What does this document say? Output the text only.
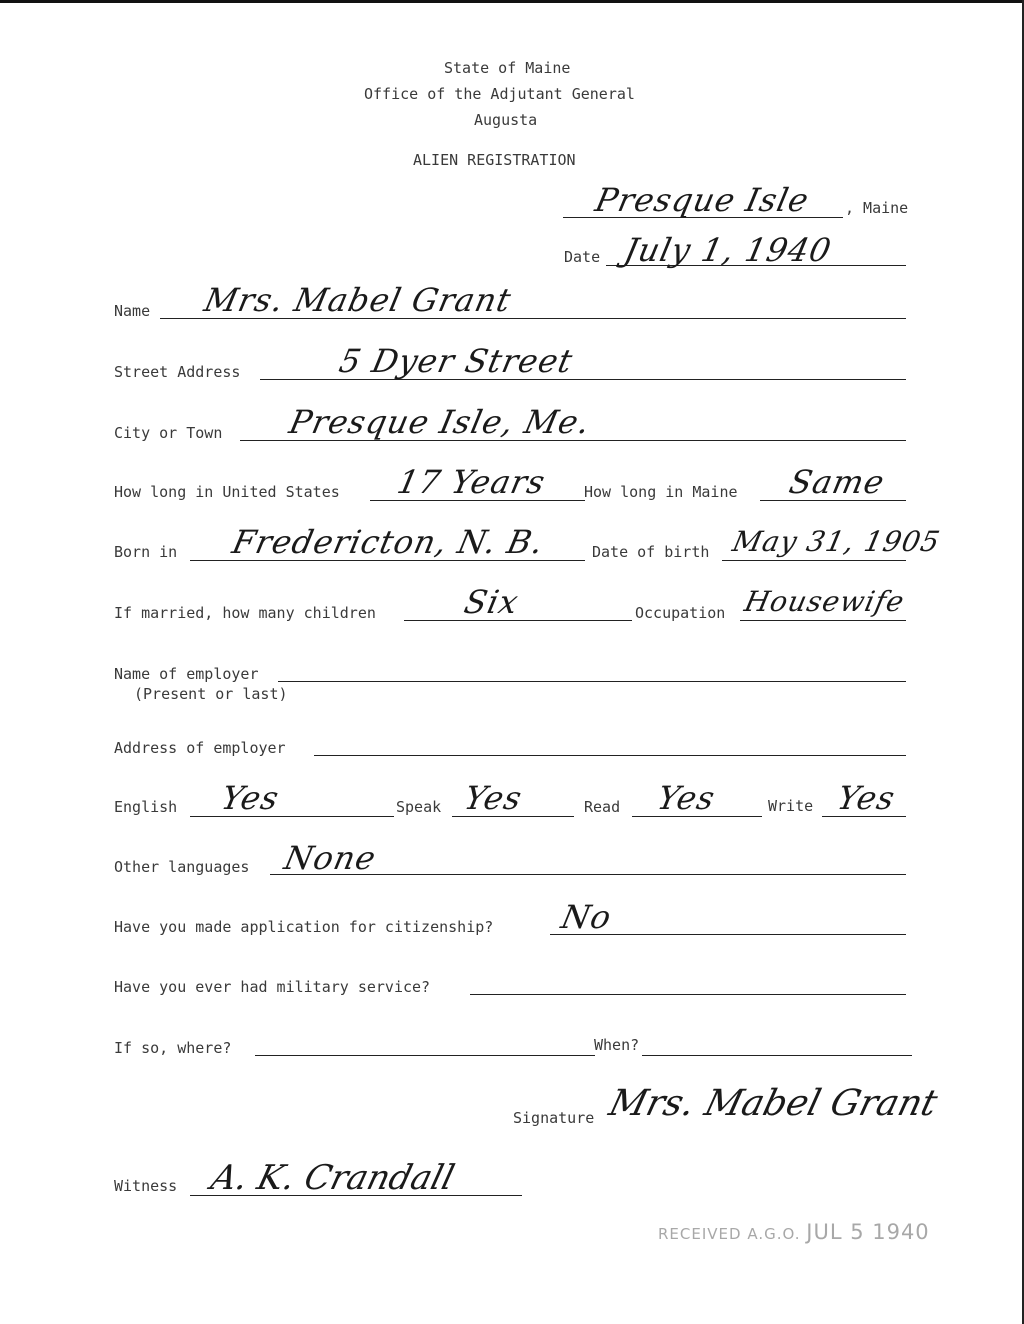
State of Maine
Office of the Adjutant General
Augusta
ALIEN REGISTRATION
Presque Isle , Maine
Date July 1, 1940
Name Mrs. Mabel Grant
Street Address	5 Dyer Street
City or Town Presque Isle, Me.
How long in United States 17 Years How long in Maine Same
Born in Fredericton, N. B.	Date of birth May 31, 1905
If married, how many children	Six	Occupation Housewife
Name of employer
(Present or last)
Address of employer
English Yes	Speak Yes	Read Yes	Write Yes
Other languages None
Have you made application for citizenship? No
Have you ever had military service?
If so, where?	When?
Signature Mrs. Mabel Grant
Witness A. K. Crandall
RECEIVED A.G.O. JUL 5 1940
